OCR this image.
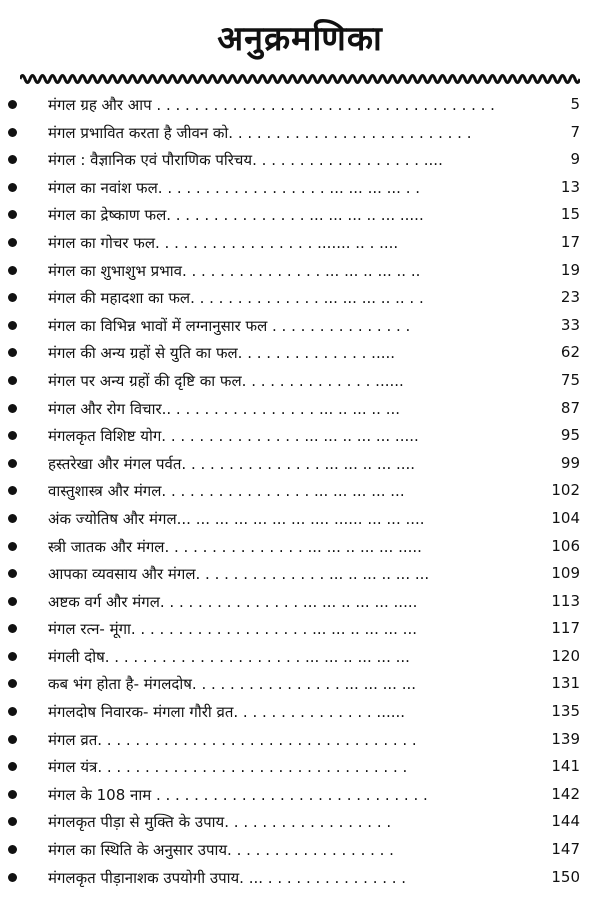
अनुक्रमणिका
मंगल ग्रह और आप . . . . . . . . . . . . . . . . . . . . . . . . . . . . . . . . . . . .	5
मंगल प्रभावित करता है जीवन को. . . . . . . . . . . . . . . . . . . . . . . . . .	7
मंगल : वैज्ञानिक एवं पौराणिक परिचय. . . . . . . . . . . . . . . . . . ....	9
मंगल का नवांश फल. . . . . . . . . . . . . . . . . . ... ... ... ... . .	13
मंगल का द्रेष्काण फल. . . . . . . . . . . . . . . ... ... ... .. ... .....	15
मंगल का गोचर फल. . . . . . . . . . . . . . . . . ....... .. . ....	17
मंगल का शुभाशुभ प्रभाव. . . . . . . . . . . . . . . ... ... .. ... .. ..	19
मंगल की महादशा का फल. . . . . . . . . . . . . . ... ... ... .. .. . .	23
मंगल का विभिन्न भावों में लग्नानुसार फल . . . . . . . . . . . . . . .	33
मंगल की अन्य ग्रहों से युति का फल. . . . . . . . . . . . . . .....	62
मंगल पर अन्य ग्रहों की दृष्टि का फल. . . . . . . . . . . . . . ......	75
मंगल और रोग विचार.. . . . . . . . . . . . . . . . ... .. ... .. ...	87
मंगलकृत विशिष्ट योग. . . . . . . . . . . . . . . ... ... .. ... ... .....	95
हस्तरेखा और मंगल पर्वत. . . . . . . . . . . . . . . ... ... .. ... ....	99
वास्तुशास्त्र और मंगल. . . . . . . . . . . . . . . . ... ... ... ... ...	102
अंक ज्योतिष और मंगल... ... ... ... ... ... ... .... ...... ... ... ....	104
स्त्री जातक और मंगल. . . . . . . . . . . . . . . ... ... .. ... ... .....	106
आपका व्यवसाय और मंगल. . . . . . . . . . . . . . ... .. ... .. ... ...	109
अष्टक वर्ग और मंगल. . . . . . . . . . . . . . . ... ... .. ... ... .....	113
मंगल रत्न- मूंगा. . . . . . . . . . . . . . . . . . . ... ... .. ... ... ...	117
मंगली दोष. . . . . . . . . . . . . . . . . . . . . ... ... .. ... ... ...	120
कब भंग होता है- मंगलदोष. . . . . . . . . . . . . . . . ... ... ... ...	131
मंगलदोष निवारक- मंगला गौरी व्रत. . . . . . . . . . . . . . . ......	135
मंगल व्रत. . . . . . . . . . . . . . . . . . . . . . . . . . . . . . . . . .	139
मंगल यंत्र. . . . . . . . . . . . . . . . . . . . . . . . . . . . . . . . .	141
मंगल के 108 नाम . . . . . . . . . . . . . . . . . . . . . . . . . . . . .	142
मंगलकृत पीड़ा से मुक्ति के उपाय. . . . . . . . . . . . . . . . . .	144
मंगल का स्थिति के अनुसार उपाय. . . . . . . . . . . . . . . . . .	147
मंगलकृत पीड़ानाशक उपयोगी उपाय. ... . . . . . . . . . . . . . . .	150
